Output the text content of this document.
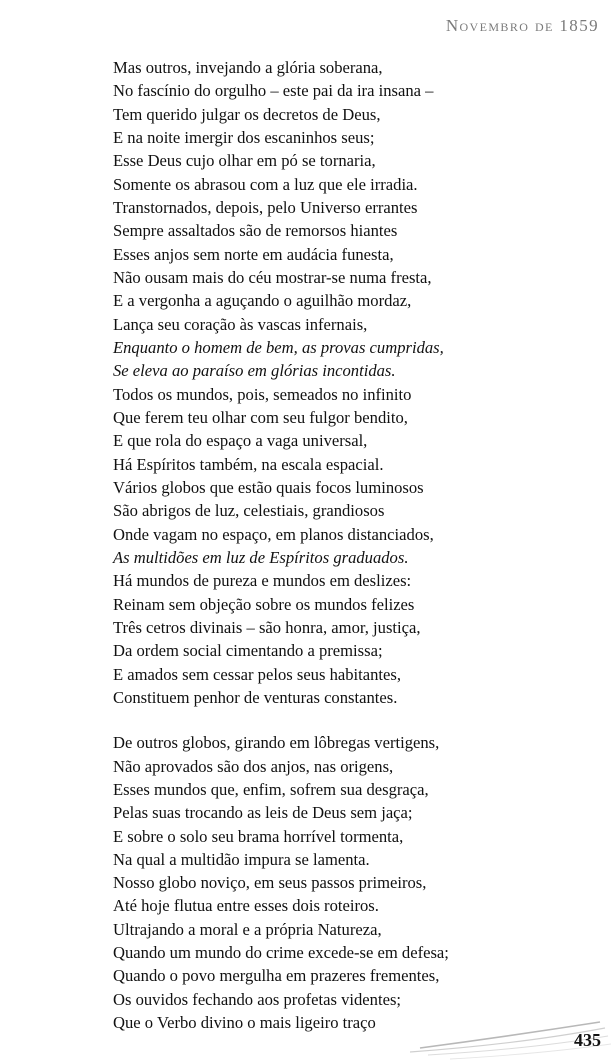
Novembro de 1859
Mas outros, invejando a glória soberana,
No fascínio do orgulho – este pai da ira insana –
Tem querido julgar os decretos de Deus,
E na noite imergir dos escaninhos seus;
Esse Deus cujo olhar em pó se tornaria,
Somente os abrasou com a luz que ele irradia.
Transtornados, depois, pelo Universo errantes
Sempre assaltados são de remorsos hiantes
Esses anjos sem norte em audácia funesta,
Não ousam mais do céu mostrar-se numa fresta,
E a vergonha a aguçando o aguilhão mordaz,
Lança seu coração às vascas infernais,
Enquanto o homem de bem, as provas cumpridas,
Se eleva ao paraíso em glórias incontidas.
Todos os mundos, pois, semeados no infinito
Que ferem teu olhar com seu fulgor bendito,
E que rola do espaço a vaga universal,
Há Espíritos também, na escala espacial.
Vários globos que estão quais focos luminosos
São abrigos de luz, celestiais, grandiosos
Onde vagam no espaço, em planos distanciados,
As multidões em luz de Espíritos graduados.
Há mundos de pureza e mundos em deslizes:
Reinam sem objeção sobre os mundos felizes
Três cetros divinais – são honra, amor, justiça,
Da ordem social cimentando a premissa;
E amados sem cessar pelos seus habitantes,
Constituem penhor de venturas constantes.
De outros globos, girando em lôbregas vertigens,
Não aprovados são dos anjos, nas origens,
Esses mundos que, enfim, sofrem sua desgraça,
Pelas suas trocando as leis de Deus sem jaça;
E sobre o solo seu brama horrível tormenta,
Na qual a multidão impura se lamenta.
Nosso globo noviço, em seus passos primeiros,
Até hoje flutua entre esses dois roteiros.
Ultrajando a moral e a própria Natureza,
Quando um mundo do crime excede-se em defesa;
Quando o povo mergulha em prazeres frementes,
Os ouvidos fechando aos profetas videntes;
Que o Verbo divino o mais ligeiro traço
435
